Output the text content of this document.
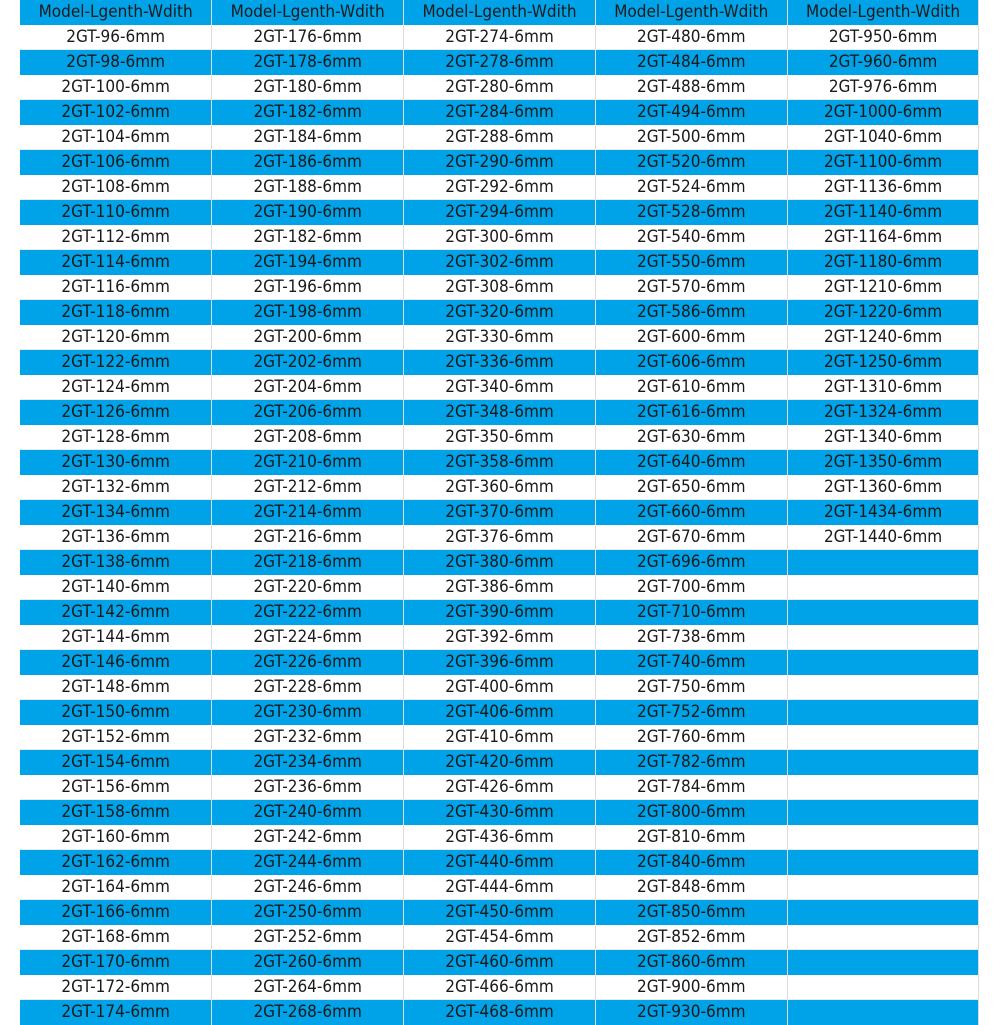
Model-Lgenth-Wdith	Model-Lgenth-Wdith	Model-Lgenth-Wdith	Model-Lgenth-Wdith	Model-Lgenth-Wdith
2GT-96-6mm	2GT-176-6mm	2GT-274-6mm	2GT-480-6mm	2GT-950-6mm
2GT-98-6mm	2GT-178-6mm	2GT-278-6mm	2GT-484-6mm	2GT-960-6mm
2GT-100-6mm	2GT-180-6mm	2GT-280-6mm	2GT-488-6mm	2GT-976-6mm
2GT-102-6mm	2GT-182-6mm	2GT-284-6mm	2GT-494-6mm	2GT-1000-6mm
2GT-104-6mm	2GT-184-6mm	2GT-288-6mm	2GT-500-6mm	2GT-1040-6mm
2GT-106-6mm	2GT-186-6mm	2GT-290-6mm	2GT-520-6mm	2GT-1100-6mm
2GT-108-6mm	2GT-188-6mm	2GT-292-6mm	2GT-524-6mm	2GT-1136-6mm
2GT-110-6mm	2GT-190-6mm	2GT-294-6mm	2GT-528-6mm	2GT-1140-6mm
2GT-112-6mm	2GT-182-6mm	2GT-300-6mm	2GT-540-6mm	2GT-1164-6mm
2GT-114-6mm	2GT-194-6mm	2GT-302-6mm	2GT-550-6mm	2GT-1180-6mm
2GT-116-6mm	2GT-196-6mm	2GT-308-6mm	2GT-570-6mm	2GT-1210-6mm
2GT-118-6mm	2GT-198-6mm	2GT-320-6mm	2GT-586-6mm	2GT-1220-6mm
2GT-120-6mm	2GT-200-6mm	2GT-330-6mm	2GT-600-6mm	2GT-1240-6mm
2GT-122-6mm	2GT-202-6mm	2GT-336-6mm	2GT-606-6mm	2GT-1250-6mm
2GT-124-6mm	2GT-204-6mm	2GT-340-6mm	2GT-610-6mm	2GT-1310-6mm
2GT-126-6mm	2GT-206-6mm	2GT-348-6mm	2GT-616-6mm	2GT-1324-6mm
2GT-128-6mm	2GT-208-6mm	2GT-350-6mm	2GT-630-6mm	2GT-1340-6mm
2GT-130-6mm	2GT-210-6mm	2GT-358-6mm	2GT-640-6mm	2GT-1350-6mm
2GT-132-6mm	2GT-212-6mm	2GT-360-6mm	2GT-650-6mm	2GT-1360-6mm
2GT-134-6mm	2GT-214-6mm	2GT-370-6mm	2GT-660-6mm	2GT-1434-6mm
2GT-136-6mm	2GT-216-6mm	2GT-376-6mm	2GT-670-6mm	2GT-1440-6mm
2GT-138-6mm	2GT-218-6mm	2GT-380-6mm	2GT-696-6mm	
2GT-140-6mm	2GT-220-6mm	2GT-386-6mm	2GT-700-6mm	
2GT-142-6mm	2GT-222-6mm	2GT-390-6mm	2GT-710-6mm	
2GT-144-6mm	2GT-224-6mm	2GT-392-6mm	2GT-738-6mm	
2GT-146-6mm	2GT-226-6mm	2GT-396-6mm	2GT-740-6mm	
2GT-148-6mm	2GT-228-6mm	2GT-400-6mm	2GT-750-6mm	
2GT-150-6mm	2GT-230-6mm	2GT-406-6mm	2GT-752-6mm	
2GT-152-6mm	2GT-232-6mm	2GT-410-6mm	2GT-760-6mm	
2GT-154-6mm	2GT-234-6mm	2GT-420-6mm	2GT-782-6mm	
2GT-156-6mm	2GT-236-6mm	2GT-426-6mm	2GT-784-6mm	
2GT-158-6mm	2GT-240-6mm	2GT-430-6mm	2GT-800-6mm	
2GT-160-6mm	2GT-242-6mm	2GT-436-6mm	2GT-810-6mm	
2GT-162-6mm	2GT-244-6mm	2GT-440-6mm	2GT-840-6mm	
2GT-164-6mm	2GT-246-6mm	2GT-444-6mm	2GT-848-6mm	
2GT-166-6mm	2GT-250-6mm	2GT-450-6mm	2GT-850-6mm	
2GT-168-6mm	2GT-252-6mm	2GT-454-6mm	2GT-852-6mm	
2GT-170-6mm	2GT-260-6mm	2GT-460-6mm	2GT-860-6mm	
2GT-172-6mm	2GT-264-6mm	2GT-466-6mm	2GT-900-6mm	
2GT-174-6mm	2GT-268-6mm	2GT-468-6mm	2GT-930-6mm	
